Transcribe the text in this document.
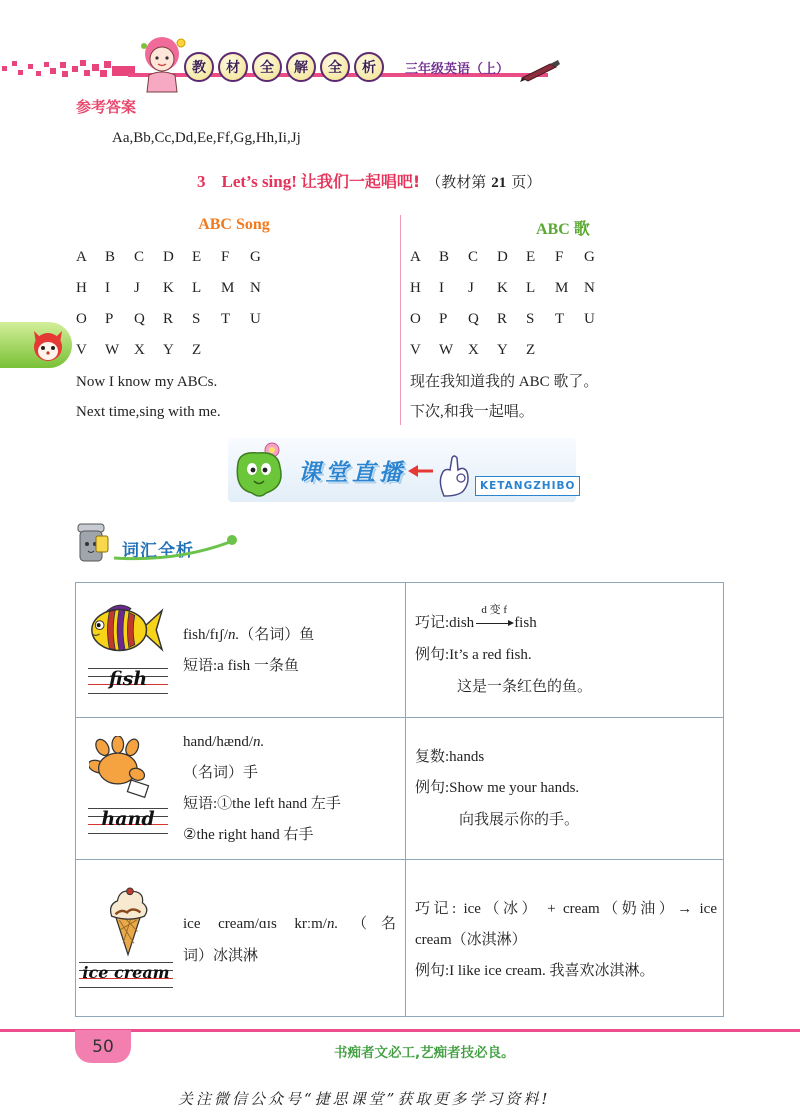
教	材	全	解	全	析	三年级英语（上）
参考答案
Aa,Bb,Cc,Dd,Ee,Ff,Gg,Hh,Ii,Jj
3 Let’s sing! 让我们一起唱吧! （教材第 21 页）
ABC Song	ABC 歌
A	B	C	D	E	F	G
H	I	J	K	L	M	N
O	P	Q	R	S	T	U
V	W X	Y	Z
Now I know my ABCs.
Next time,sing with me.
A	B	C	D	E	F	G
H	I	J	K	L	M	N
O	P	Q	R	S	T	U
V	W X	Y	Z
现在我知道我的 ABC 歌了。
下次,和我一起唱。
课堂直播	KETANGZHIBO
词汇全析
fish
fish/fɪʃ/n.（名词）鱼
短语:a fish 一条鱼
巧记:dish
d 变 f
fish
例句:It’s a red fish.
这是一条红色的鱼。
hand
hand/hænd/n.
（名词）手
短语:①the left hand 左手
②the right hand 右手
复数:hands
例句:Show me your hands.
向我展示你的手。
ice cream
ice cream/ɑɪs krːm/n.（名
词）冰淇淋
巧记: ice（冰） + cream（奶油）→ ice
cream（冰淇淋）
例句:I like ice cream. 我喜欢冰淇淋。
50	书痴者文必工,艺痴者技必良。
关注微信公众号“捷思课堂”获取更多学习资料!
